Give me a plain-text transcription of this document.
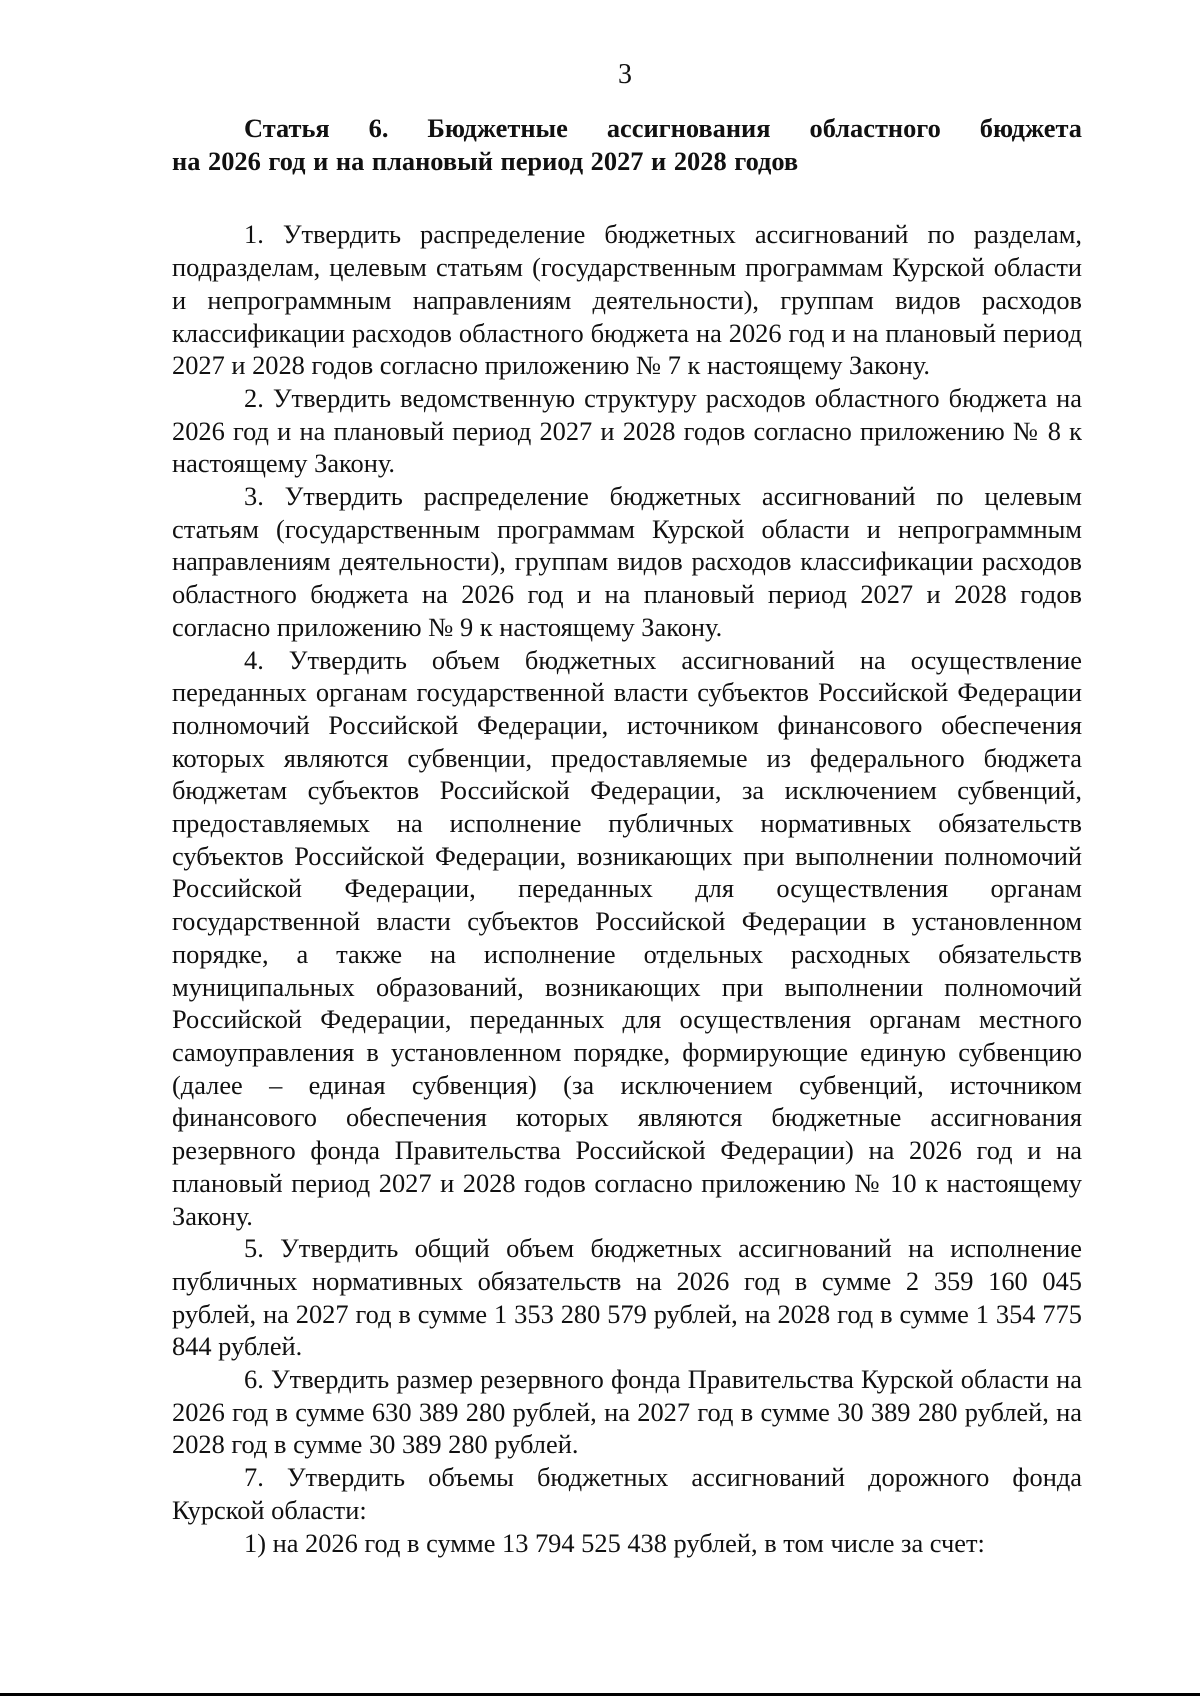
3
Статья 6. Бюджетные ассигнования областного бюджета
на 2026 год и на плановый период 2027 и 2028 годов

1. Утвердить распределение бюджетных ассигнований по разделам, подразделам, целевым статьям (государственным программам Курской области и непрограммным направлениям деятельности), группам видов расходов классификации расходов областного бюджета на 2026 год и на плановый период 2027 и 2028 годов согласно приложению № 7 к настоящему Закону.

2. Утвердить ведомственную структуру расходов областного бюджета на 2026 год и на плановый период 2027 и 2028 годов согласно приложению № 8 к настоящему Закону.

3. Утвердить распределение бюджетных ассигнований по целевым статьям (государственным программам Курской области и непрограммным направлениям деятельности), группам видов расходов классификации расходов областного бюджета на 2026 год и на плановый период 2027 и 2028 годов согласно приложению № 9 к настоящему Закону.

4. Утвердить объем бюджетных ассигнований на осуществление переданных органам государственной власти субъектов Российской Федерации полномочий Российской Федерации, источником финансового обеспечения которых являются субвенции, предоставляемые из федерального бюджета бюджетам субъектов Российской Федерации, за исключением субвенций, предоставляемых на исполнение публичных нормативных обязательств субъектов Российской Федерации, возникающих при выполнении полномочий Российской Федерации, переданных для осуществления органам государственной власти субъектов Российской Федерации в установленном порядке, а также на исполнение отдельных расходных обязательств муниципальных образований, возникающих при выполнении полномочий Российской Федерации, переданных для осуществления органам местного самоуправления в установленном порядке, формирующие единую субвенцию (далее – единая субвенция) (за исключением субвенций, источником финансового обеспечения которых являются бюджетные ассигнования резервного фонда Правительства Российской Федерации) на 2026 год и на плановый период 2027 и 2028 годов согласно приложению № 10 к настоящему Закону.

5. Утвердить общий объем бюджетных ассигнований на исполнение публичных нормативных обязательств на 2026 год в сумме 2 359 160 045 рублей, на 2027 год в сумме 1 353 280 579 рублей, на 2028 год в сумме 1 354 775 844 рублей.

6. Утвердить размер резервного фонда Правительства Курской области на 2026 год в сумме 630 389 280 рублей, на 2027 год в сумме 30 389 280 рублей, на 2028 год в сумме 30 389 280 рублей.

7. Утвердить объемы бюджетных ассигнований дорожного фонда Курской области:

1) на 2026 год в сумме 13 794 525 438 рублей, в том числе за счет:
